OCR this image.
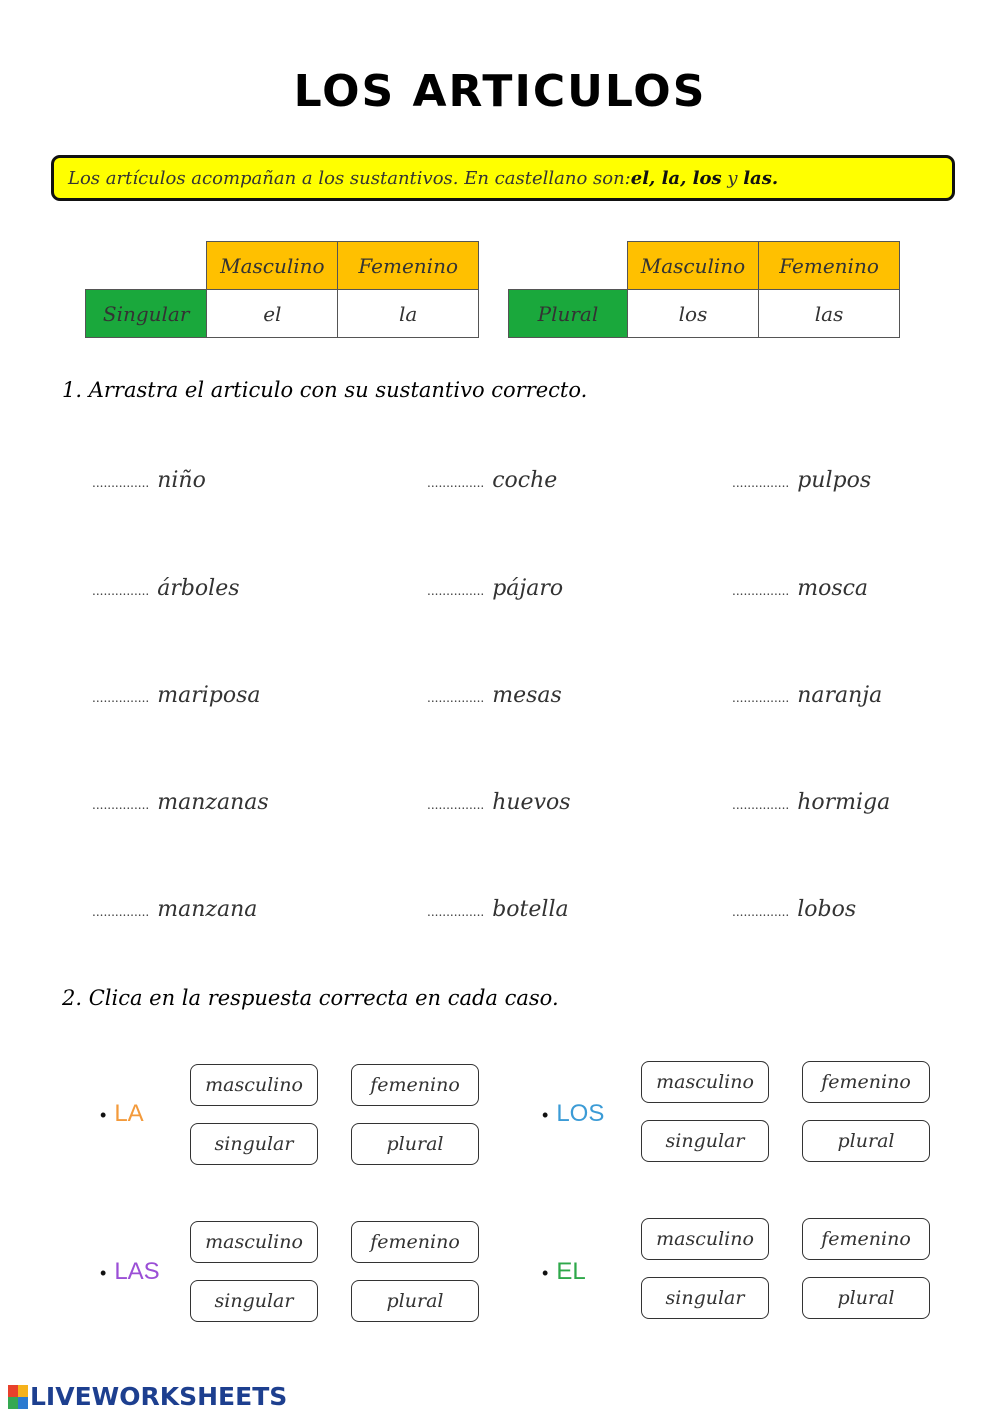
LOS ARTICULOS
Los artículos acompañan a los sustantivos. En castellano son: el, la, los y las.
	Masculino	Femenino
Singular	el	la
	Masculino	Femenino
Plural	los	las
1. Arrastra el articulo con su sustantivo correcto.
............... niño	............... coche	............... pulpos
............... árboles	............... pájaro	............... mosca
............... mariposa	............... mesas	............... naranja
............... manzanas	............... huevos	............... hormiga
............... manzana	............... botella	............... lobos
2. Clica en la respuesta correcta en cada caso.
• LA
masculino	femenino
singular	plural
• LOS
masculino	femenino
singular	plural
• LAS
masculino	femenino
singular	plural
• EL
masculino	femenino
singular	plural
LIVEWORKSHEETS
